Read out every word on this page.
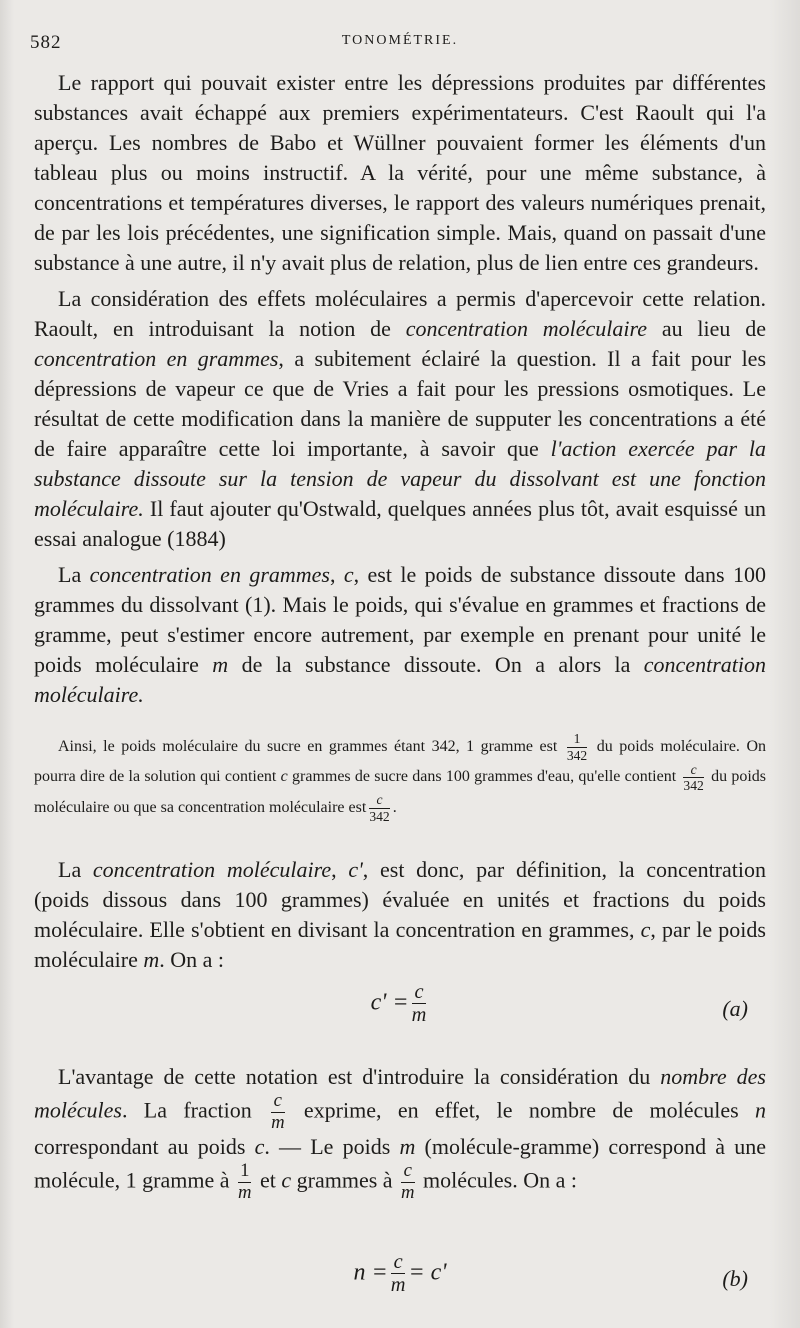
582	TONOMÉTRIE.

Le rapport qui pouvait exister entre les dépressions produites par différentes substances avait échappé aux premiers expérimentateurs. C'est Raoult qui l'a aperçu. Les nombres de Babo et Wüllner pouvaient former les éléments d'un tableau plus ou moins instructif. A la vérité, pour une même substance, à concentrations et températures diverses, le rapport des valeurs numériques prenait, de par les lois précédentes, une signification simple. Mais, quand on passait d'une substance à une autre, il n'y avait plus de relation, plus de lien entre ces grandeurs.

La considération des effets moléculaires a permis d'apercevoir cette relation. Raoult, en introduisant la notion de concentration moléculaire au lieu de concentration en grammes, a subitement éclairé la question. Il a fait pour les dépressions de vapeur ce que de Vries a fait pour les pressions osmotiques. Le résultat de cette modification dans la manière de supputer les concentrations a été de faire apparaître cette loi importante, à savoir que l'action exercée par la substance dissoute sur la tension de vapeur du dissolvant est une fonction moléculaire. Il faut ajouter qu'Ostwald, quelques années plus tôt, avait esquissé un essai analogue (1884)

La concentration en grammes, c, est le poids de substance dissoute dans 100 grammes du dissolvant (1). Mais le poids, qui s'évalue en grammes et fractions de gramme, peut s'estimer encore autrement, par exemple en prenant pour unité le poids moléculaire m de la substance dissoute. On a alors la concentration moléculaire.

Ainsi, le poids moléculaire du sucre en grammes étant 342, 1 gramme est $\frac{1}{342}$ du poids moléculaire. On pourra dire de la solution qui contient c grammes de sucre dans 100 grammes d'eau, qu'elle contient $\frac{c}{342}$ du poids moléculaire ou que sa concentration moléculaire est $\frac{c}{342}$ .

La concentration moléculaire, c', est donc, par définition, la concentration (poids dissous dans 100 grammes) évaluée en unités et fractions du poids moléculaire. Elle s'obtient en divisant la concentration en grammes, c, par le poids moléculaire m. On a :

$c' = \frac{c}{m}$	(a)

L'avantage de cette notation est d'introduire la considération du nombre des molécules. La fraction $\frac{c}{m}$ exprime, en effet, le nombre de molécules n correspondant au poids c. — Le poids m (molécule-gramme) correspond à une molécule, 1 gramme à $\frac{1}{m}$ et c grammes à $\frac{c}{m}$ molécules. On a :

$n = \frac{c}{m} = c'$	(b)
